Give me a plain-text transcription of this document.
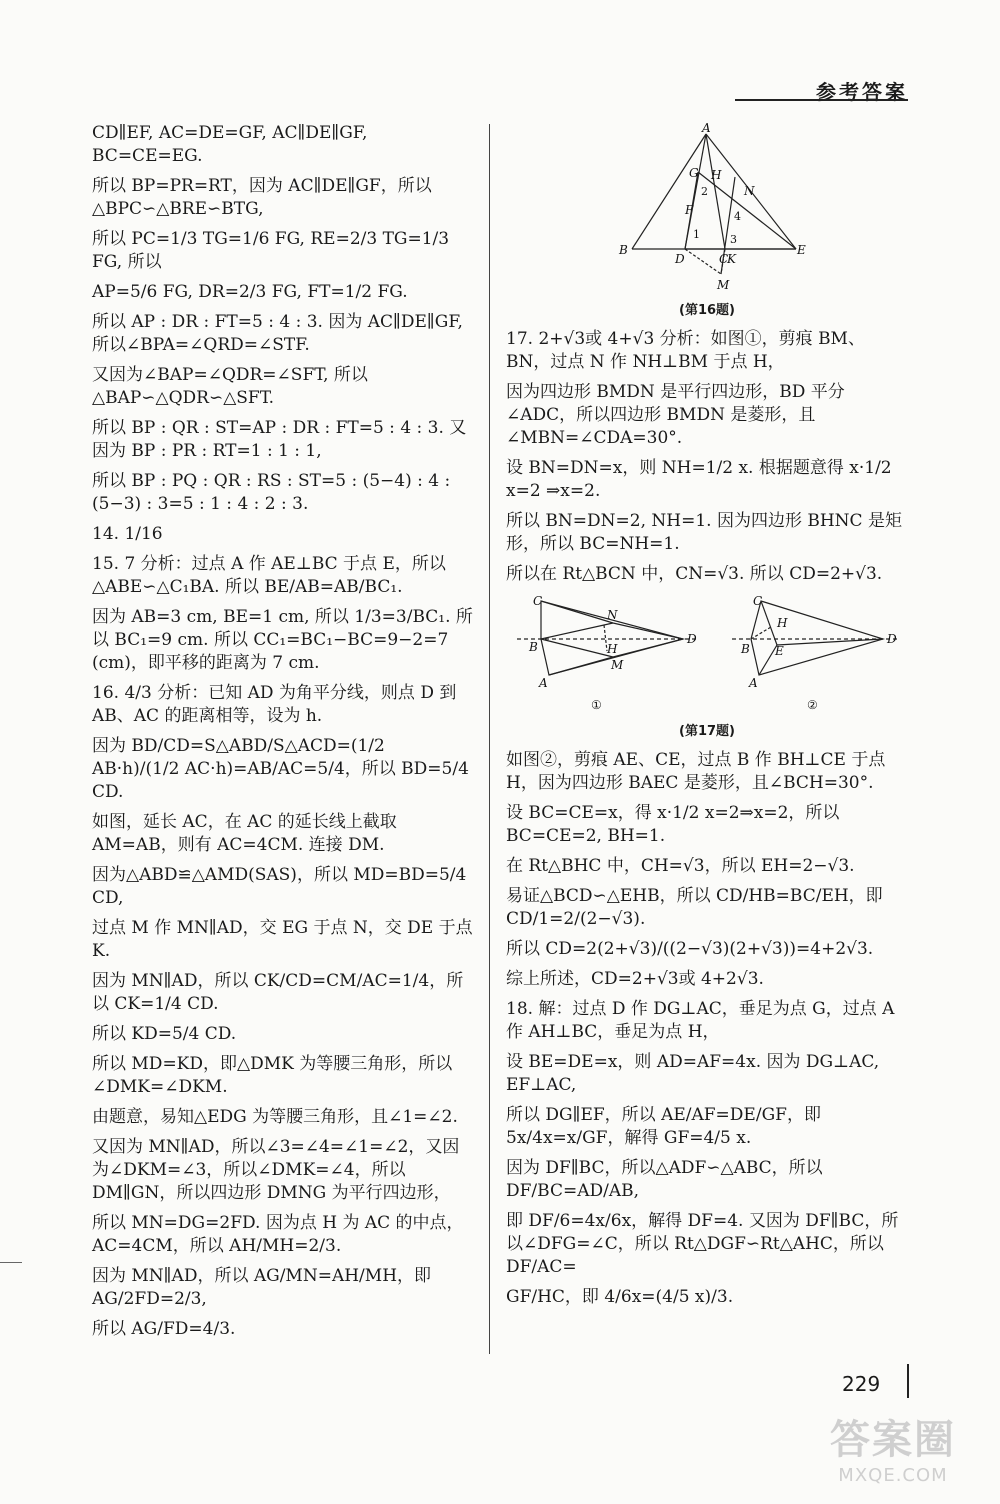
参考答案

CD∥EF, AC=DE=GF, AC∥DE∥GF, BC=CE=EG.

所以 BP=PR=RT，因为 AC∥DE∥GF，所以 △BPC∽△BRE∽BTG,

所以 PC=1/3 TG=1/6 FG, RE=2/3 TG=1/3 FG, 所以

AP=5/6 FG, DR=2/3 FG, FT=1/2 FG.

所以 AP : DR : FT=5 : 4 : 3. 因为 AC∥DE∥GF, 所以∠BPA=∠QRD=∠STF.

又因为∠BAP=∠QDR=∠SFT, 所以△BAP∽△QDR∽△SFT.

所以 BP : QR : ST=AP : DR : FT=5 : 4 : 3. 又因为 BP : PR : RT=1 : 1 : 1,

所以 BP : PQ : QR : RS : ST=5 : (5−4) : 4 : (5−3) : 3=5 : 1 : 4 : 2 : 3.

14. 1/16

15. 7 分析：过点 A 作 AE⊥BC 于点 E，所以△ABE∽△C₁BA. 所以 BE/AB=AB/BC₁.

因为 AB=3 cm, BE=1 cm, 所以 1/3=3/BC₁. 所以 BC₁=9 cm. 所以 CC₁=BC₁−BC=9−2=7 (cm)，即平移的距离为 7 cm.

16. 4/3 分析：已知 AD 为角平分线，则点 D 到 AB、AC 的距离相等，设为 h.

因为 BD/CD=S△ABD/S△ACD=(1/2 AB·h)/(1/2 AC·h)=AB/AC=5/4，所以 BD=5/4 CD.

如图，延长 AC，在 AC 的延长线上截取 AM=AB，则有 AC=4CM. 连接 DM.

因为△ABD≌△AMD(SAS)，所以 MD=BD=5/4 CD,

过点 M 作 MN∥AD，交 EG 于点 N，交 DE 于点 K.

因为 MN∥AD，所以 CK/CD=CM/AC=1/4，所以 CK=1/4 CD.

所以 KD=5/4 CD.

所以 MD=KD，即△DMK 为等腰三角形，所以∠DMK=∠DKM.

由题意，易知△EDG 为等腰三角形，且∠1=∠2.

又因为 MN∥AD，所以∠3=∠4=∠1=∠2，又因为∠DKM=∠3，所以∠DMK=∠4，所以 DM∥GN，所以四边形 DMNG 为平行四边形，

所以 MN=DG=2FD. 因为点 H 为 AC 的中点，AC=4CM，所以 AH/MH=2/3.

因为 MN∥AD，所以 AG/MN=AH/MH，即 AG/2FD=2/3,

所以 AG/FD=4/3.

A
B
C
D
E
F
G H
K
M
N
1
2
3
4
(第16题)

17. 2+√3或 4+√3 分析：如图①，剪痕 BM、BN，过点 N 作 NH⊥BM 于点 H，

因为四边形 BMDN 是平行四边形，BD 平分∠ADC，所以四边形 BMDN 是菱形，且∠MBN=∠CDA=30°.

设 BN=DN=x，则 NH=1/2 x. 根据题意得 x·1/2 x=2 ⇒x=2.

所以 BN=DN=2, NH=1. 因为四边形 BHNC 是矩形，所以 BC=NH=1.

所以在 Rt△BCN 中，CN=√3. 所以 CD=2+√3.

C
N
D
B	H
M
A
C
H
D
B E
A
①	②
(第17题)

如图②，剪痕 AE、CE，过点 B 作 BH⊥CE 于点 H，因为四边形 BAEC 是菱形，且∠BCH=30°.

设 BC=CE=x，得 x·1/2 x=2⇒x=2，所以 BC=CE=2, BH=1.

在 Rt△BHC 中，CH=√3，所以 EH=2−√3.

易证△BCD∽△EHB，所以 CD/HB=BC/EH，即 CD/1=2/(2−√3).

所以 CD=2(2+√3)/((2−√3)(2+√3))=4+2√3.

综上所述，CD=2+√3或 4+2√3.

18. 解：过点 D 作 DG⊥AC，垂足为点 G，过点 A 作 AH⊥BC，垂足为点 H，

设 BE=DE=x，则 AD=AF=4x. 因为 DG⊥AC, EF⊥AC,

所以 DG∥EF，所以 AE/AF=DE/GF，即 5x/4x=x/GF，解得 GF=4/5 x.

因为 DF∥BC，所以△ADF∽△ABC，所以 DF/BC=AD/AB,

即 DF/6=4x/6x，解得 DF=4. 又因为 DF∥BC，所以∠DFG=∠C，所以 Rt△DGF∽Rt△AHC，所以 DF/AC=

GF/HC，即 4/6x=(4/5 x)/3.

229
答案圈
MXQE.COM
